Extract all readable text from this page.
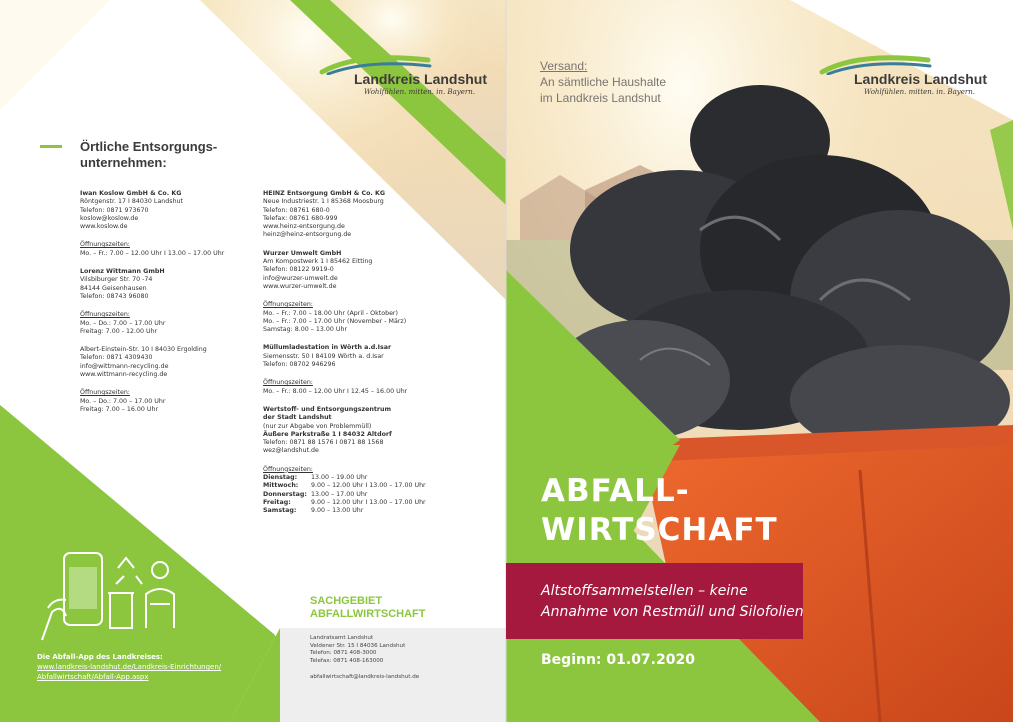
Landkreis Landshut
Wohlfühlen. mitten. in. Bayern.
Örtliche Entsorgungs-
unternehmen:
Iwan Koslow GmbH & Co. KG
Röntgenstr. 17 I 84030 Landshut
Telefon: 0871 973670
koslow@koslow.de
www.koslow.de
Öffnungszeiten:
Mo. – Fr.: 7.00 – 12.00 Uhr I 13.00 – 17.00 Uhr
Lorenz Wittmann GmbH
Vilsbiburger Str. 70 -74
84144 Geisenhausen
Telefon: 08743 96080
Öffnungszeiten:
Mo. – Do.: 7.00 – 17.00 Uhr
Freitag: 7.00 - 12.00 Uhr
Albert-Einstein-Str. 10 I 84030 Ergolding
Telefon: 0871 4309430
info@wittmann-recycling.de
www.wittmann-recycling.de
Öffnungszeiten:
Mo. – Do.: 7.00 – 17.00 Uhr
Freitag: 7.00 – 16.00 Uhr
HEINZ Entsorgung GmbH & Co. KG
Neue Industriestr. 1 I 85368 Moosburg
Telefon: 08761 680-0
Telefax: 08761 680-999
www.heinz-entsorgung.de
heinz@heinz-entsorgung.de
Wurzer Umwelt GmbH
Am Kompostwerk 1 I 85462 Eitting
Telefon: 08122 9919-0
info@wurzer-umwelt.de
www.wurzer-umwelt.de
Öffnungszeiten:
Mo. – Fr.: 7.00 – 18.00 Uhr (April - Oktober)
Mo. – Fr.: 7.00 – 17.00 Uhr (November - März)
Samstag: 8.00 – 13.00 Uhr
Müllumladestation in Wörth a.d.Isar
Siemensstr. 50 I 84109 Wörth a. d.Isar
Telefon: 08702 946296
Öffnungszeiten:
Mo. – Fr.: 8.00 – 12.00 Uhr I 12.45 – 16.00 Uhr
Wertstoff- und Entsorgungszentrum
der Stadt Landshut
(nur zur Abgabe von Problemmüll)
Äußere Parkstraße 1 I 84032 Altdorf
Telefon: 0871 88 1576 I 0871 88 1568
wez@landshut.de
Öffnungszeiten:
Dienstag:	13.00 – 19.00 Uhr
Mittwoch:	9.00 – 12.00 Uhr I 13.00 – 17.00 Uhr
Donnerstag:	13.00 – 17.00 Uhr
Freitag:	9.00 – 12.00 Uhr I 13.00 – 17.00 Uhr
Samstag:	9.00 – 13.00 Uhr
Die Abfall-App des Landkreises:
www.landkreis-landshut.de/Landkreis-Einrichtungen/
Abfallwirtschaft/Abfall-App.aspx
SACHGEBIET
ABFALLWIRTSCHAFT
Landratsamt Landshut
Veldener Str. 15 I 84036 Landshut
Telefon: 0871 408-3000
Telefax: 0871 408-163000
abfallwirtschaft@landkreis-landshut.de
Versand:
An sämtliche Haushalte
im Landkreis Landshut
Landkreis Landshut
Wohlfühlen. mitten. in. Bayern.
ABFALL-
WIRTSCHAFT
Altstoffsammelstellen – keine
Annahme von Restmüll und Silofolien
Beginn: 01.07.2020
